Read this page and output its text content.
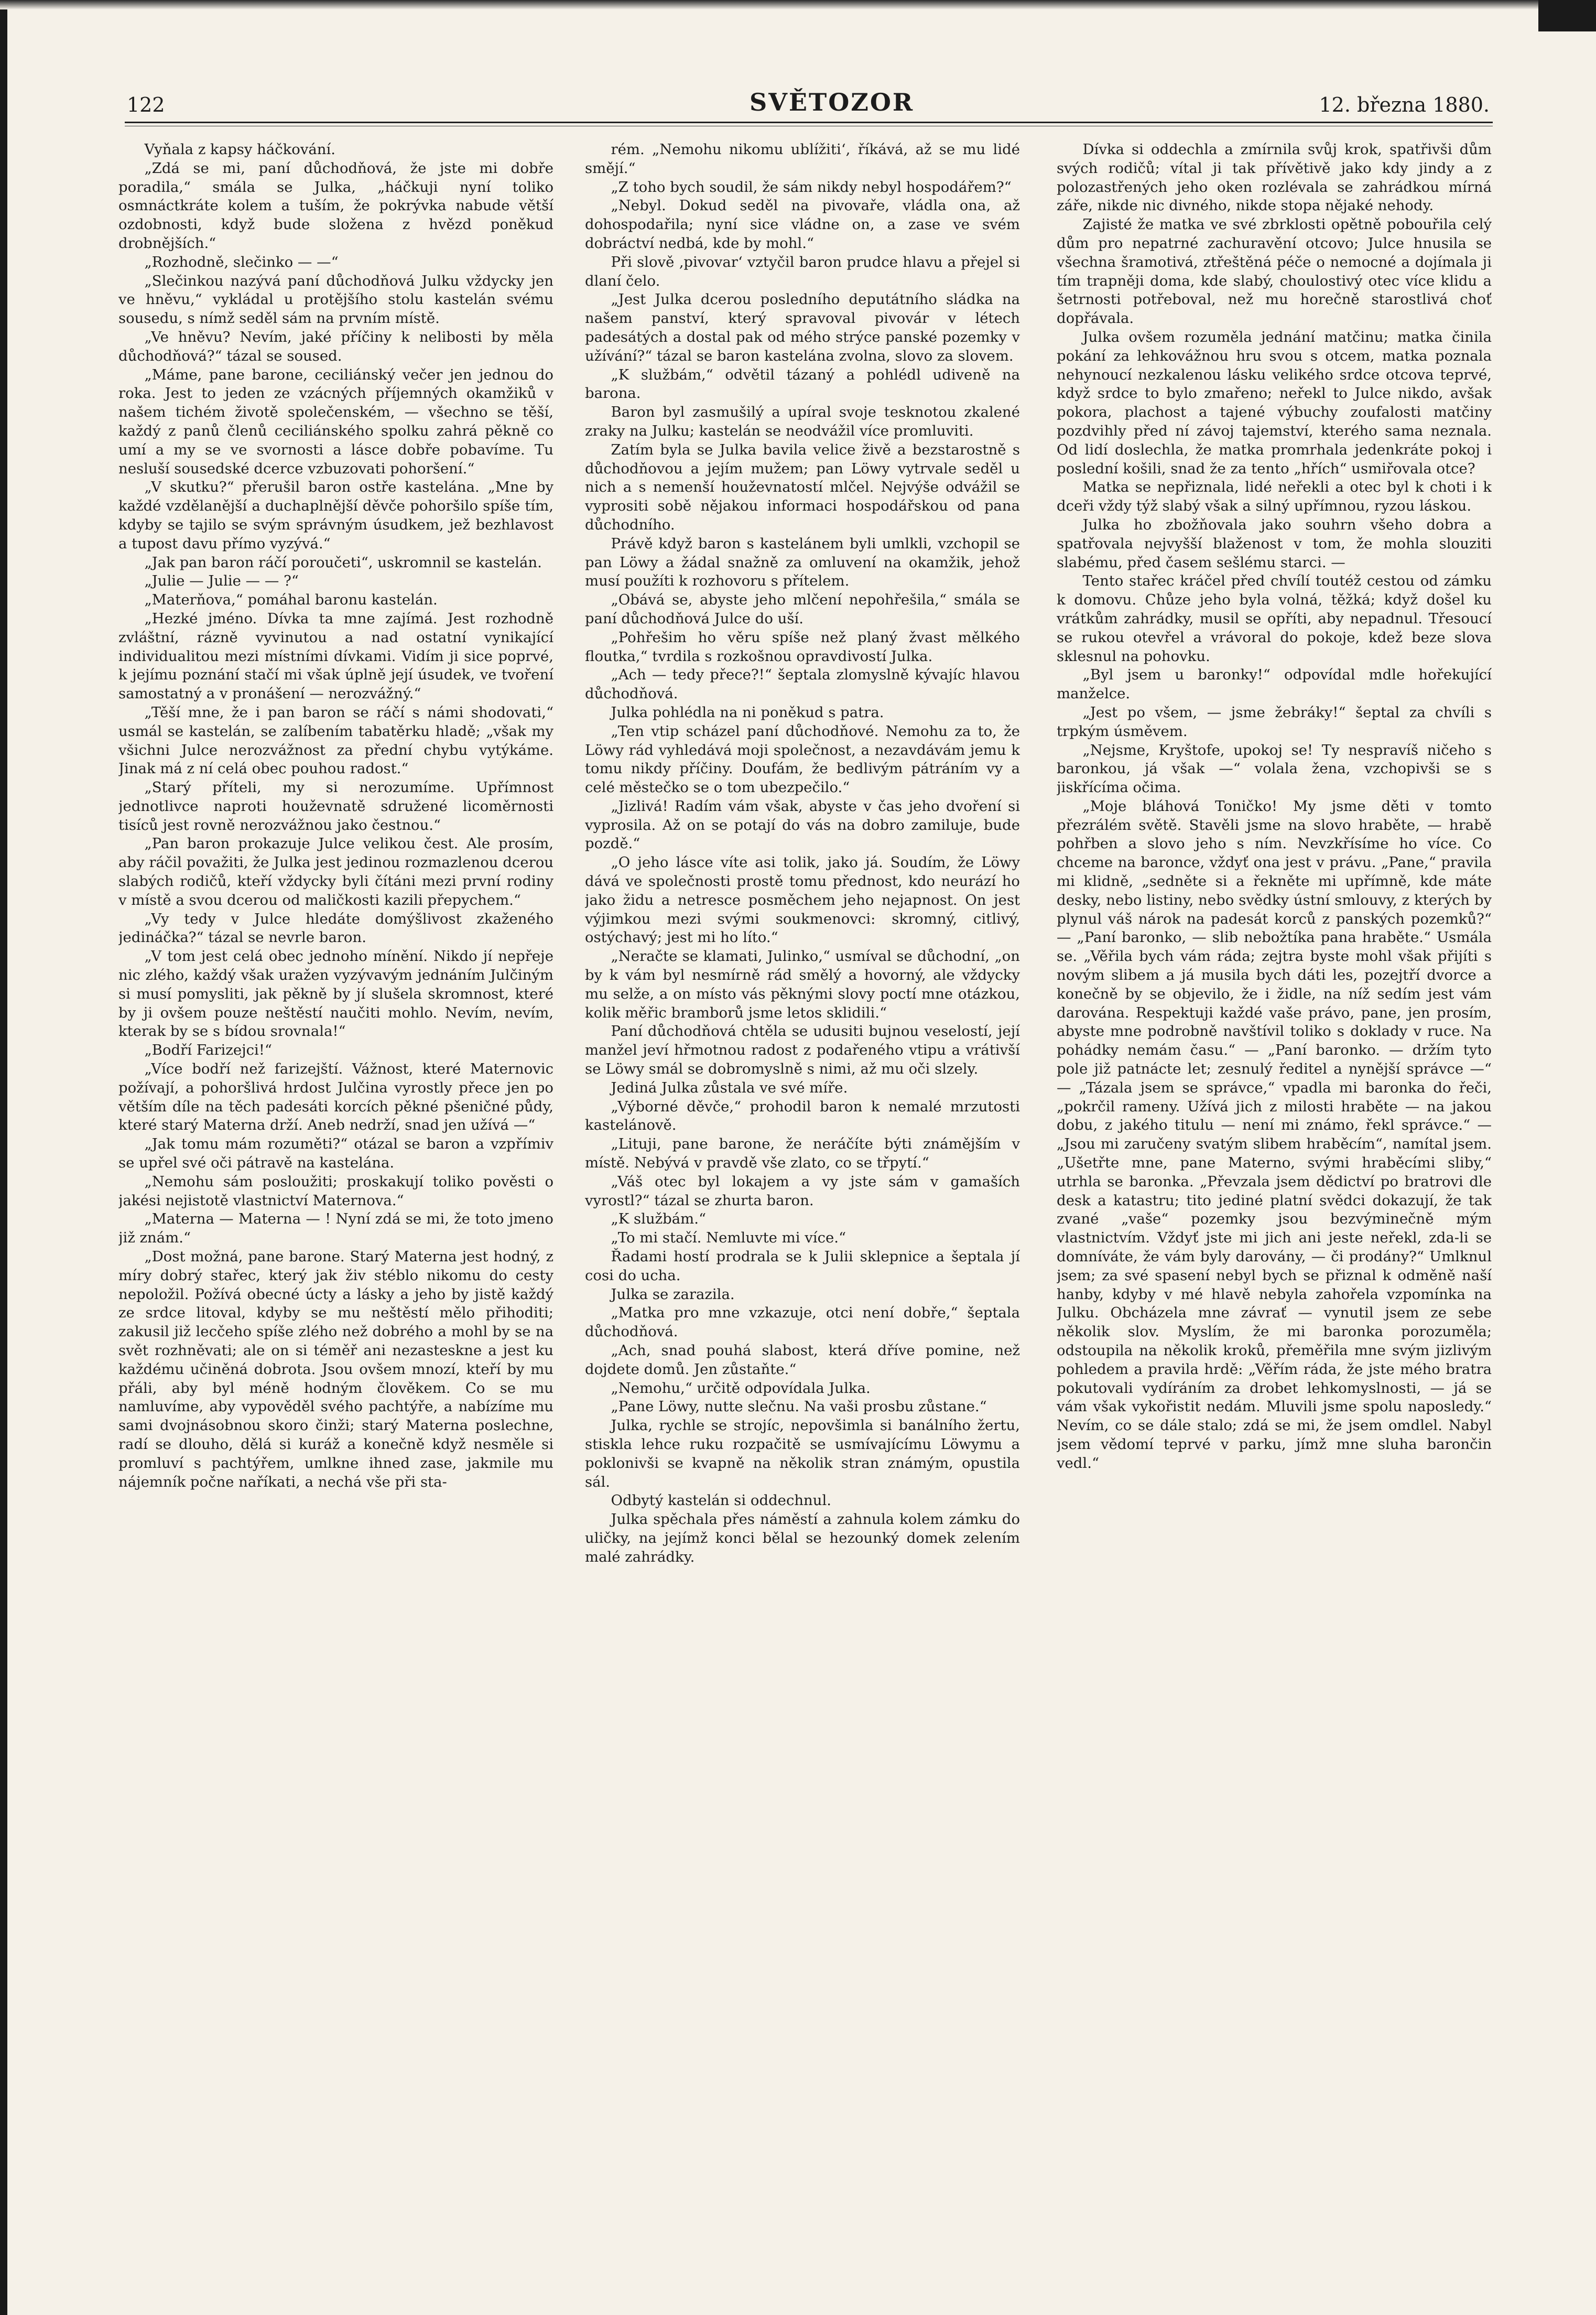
122	SVĚTOZOR	12. března 1880.

Vyňala z kapsy háčkování.

„Zdá se mi, paní důchodňová, že jste mi dobře poradila,“ smála se Julka, „háčkuji nyní toliko osmnáctkráte kolem a tuším, že pokrývka nabude větší ozdobnosti, když bude složena z hvězd poněkud drobnějších.“

„Rozhodně, slečinko — —“

„Slečinkou nazývá paní důchodňová Julku vždycky jen ve hněvu,“ vykládal u protějšího stolu kastelán svému sousedu, s nímž seděl sám na prvním místě.

„Ve hněvu? Nevím, jaké příčiny k nelibosti by měla důchodňová?“ tázal se soused.

„Máme, pane barone, ceciliánský večer jen jednou do roka. Jest to jeden ze vzácných příjemných okamžiků v našem tichém životě společenském, — všechno se těší, každý z panů členů ceciliánského spolku zahrá pěkně co umí a my se ve svornosti a lásce dobře pobavíme. Tu nesluší sousedské dcerce vzbuzovati pohoršení.“

„V skutku?“ přerušil baron ostře kastelána. „Mne by každé vzdělanější a duchaplnější děvče pohoršilo spíše tím, kdyby se tajilo se svým správným úsudkem, jež bezhlavost a tupost davu přímo vyzývá.“

„Jak pan baron ráčí poroučeti“, uskromnil se kastelán.

„Julie — Julie — — ?“

„Materňova,“ pomáhal baronu kastelán.

„Hezké jméno. Dívka ta mne zajímá. Jest rozhodně zvláštní, rázně vyvinutou a nad ostatní vynikající individualitou mezi místními dívkami. Vidím ji sice poprvé, k jejímu poznání stačí mi však úplně její úsudek, ve tvoření samostatný a v pronášení — nerozvážný.“

„Těší mne, že i pan baron se ráčí s námi shodovati,“ usmál se kastelán, se zalíbením tabatěrku hladě; „však my všichni Julce nerozvážnost za přední chybu vytýkáme. Jinak má z ní celá obec pouhou radost.“

„Starý příteli, my si nerozumíme. Upřímnost jednotlivce naproti houževnatě sdružené licoměrnosti tisíců jest rovně nerozvážnou jako čestnou.“

„Pan baron prokazuje Julce velikou čest. Ale prosím, aby ráčil považiti, že Julka jest jedinou rozmazlenou dcerou slabých rodičů, kteří vždycky byli čítáni mezi první rodiny v místě a svou dcerou od maličkosti kazili přepychem.“

„Vy tedy v Julce hledáte domýšlivost zkaženého jedináčka?“ tázal se nevrle baron.

„V tom jest celá obec jednoho mínění. Nikdo jí nepřeje nic zlého, každý však uražen vyzývavým jednáním Julčiným si musí pomysliti, jak pěkně by jí slušela skromnost, které by ji ovšem pouze neštěstí naučiti mohlo. Nevím, nevím, kterak by se s bídou srovnala!“

„Bodří Farizejci!“

„Více bodří než farizejští. Vážnost, které Maternovic požívají, a pohoršlivá hrdost Julčina vyrostly přece jen po větším díle na těch padesáti korcích pěkné pšeničné půdy, které starý Materna drží. Aneb nedrží, snad jen užívá —“

„Jak tomu mám rozuměti?“ otázal se baron a vzpřímiv se upřel své oči pátravě na kastelána.

„Nemohu sám posloužiti; proskakují toliko pověsti o jakési nejistotě vlastnictví Maternova.“

„Materna — Materna — ! Nyní zdá se mi, že toto jmeno již znám.“

„Dost možná, pane barone. Starý Materna jest hodný, z míry dobrý stařec, který jak živ stéblo nikomu do cesty nepoložil. Požívá obecné úcty a lásky a jeho by jistě každý ze srdce litoval, kdyby se mu neštěstí mělo přihoditi; zakusil již lecčeho spíše zlého než dobrého a mohl by se na svět rozhněvati; ale on si téměř ani nezasteskne a jest ku každému učiněná dobrota. Jsou ovšem mnozí, kteří by mu přáli, aby byl méně hodným člověkem. Co se mu namluvíme, aby vypověděl svého pachtýře, a nabízíme mu sami dvojnásobnou skoro činži; starý Materna poslechne, radí se dlouho, dělá si kuráž a konečně když nesměle si promluví s pachtýřem, umlkne ihned zase, jakmile mu nájemník počne naříkati, a nechá vše při sta-

rém. „Nemohu nikomu ublížiti‘, říkává, až se mu lidé smějí.“

„Z toho bych soudil, že sám nikdy nebyl hospodářem?“

„Nebyl. Dokud seděl na pivovaře, vládla ona, až dohospodařila; nyní sice vládne on, a zase ve svém dobráctví nedbá, kde by mohl.“

Při slově ‚pivovar‘ vztyčil baron prudce hlavu a přejel si dlaní čelo.

„Jest Julka dcerou posledního deputátního sládka na našem panství, který spravoval pivovár v létech padesátých a dostal pak od mého strýce panské pozemky v užívání?“ tázal se baron kastelána zvolna, slovo za slovem.

„K službám,“ odvětil tázaný a pohlédl udiveně na barona.

Baron byl zasmušilý a upíral svoje tesknotou zkalené zraky na Julku; kastelán se neodvážil více promluviti.

Zatím byla se Julka bavila velice živě a bezstarostně s důchodňovou a jejím mužem; pan Löwy vytrvale seděl u nich a s nemenší houževnatostí mlčel. Nejvýše odvážil se vyprositi sobě nějakou informaci hospodářskou od pana důchodního.

Právě když baron s kastelánem byli umlkli, vzchopil se pan Löwy a žádal snažně za omluvení na okamžik, jehož musí použíti k rozhovoru s přítelem.

„Obává se, abyste jeho mlčení nepohřešila,“ smála se paní důchodňová Julce do uší.

„Pohřešim ho věru spíše než planý žvast mělkého floutka,“ tvrdila s rozkošnou opravdivostí Julka.

„Ach — tedy přece?!“ šeptala zlomyslně kývajíc hlavou důchodňová.

Julka pohlédla na ni poněkud s patra.

„Ten vtip scházel paní důchodňové. Nemohu za to, že Löwy rád vyhledává moji společnost, a nezavdávám jemu k tomu nikdy příčiny. Doufám, že bedlivým pátráním vy a celé městečko se o tom ubezpečilo.“

„Jizlivá! Radím vám však, abyste v čas jeho dvoření si vyprosila. Až on se potají do vás na dobro zamiluje, bude pozdě.“

„O jeho lásce víte asi tolik, jako já. Soudím, že Löwy dává ve společnosti prostě tomu přednost, kdo neurází ho jako židu a netresce posměchem jeho nejapnost. On jest výjimkou mezi svými soukmenovci: skromný, citlivý, ostýchavý; jest mi ho líto.“

„Neračte se klamati, Julinko,“ usmíval se důchodní, „on by k vám byl nesmírně rád smělý a hovorný, ale vždycky mu selže, a on místo vás pěknými slovy poctí mne otázkou, kolik měřic bramborů jsme letos sklidili.“

Paní důchodňová chtěla se udusiti bujnou veselostí, její manžel jeví hřmotnou radost z podařeného vtipu a vrátivší se Löwy smál se dobromyslně s nimi, až mu oči slzely.

Jediná Julka zůstala ve své míře.

„Výborné děvče,“ prohodil baron k nemalé mrzutosti kastelánově.

„Lituji, pane barone, že neráčíte býti známějším v místě. Nebývá v pravdě vše zlato, co se třpytí.“

„Váš otec byl lokajem a vy jste sám v gamaších vyrostl?“ tázal se zhurta baron.

„K službám.“

„To mi stačí. Nemluvte mi více.“

Řadami hostí prodrala se k Julii sklepnice a šeptala jí cosi do ucha.

Julka se zarazila.

„Matka pro mne vzkazuje, otci není dobře,“ šeptala důchodňová.

„Ach, snad pouhá slabost, která dříve pomine, než dojdete domů. Jen zůstaňte.“

„Nemohu,“ určitě odpovídala Julka.

„Pane Löwy, nutte slečnu. Na vaši prosbu zůstane.“

Julka, rychle se strojíc, nepovšimla si banálního žertu, stiskla lehce ruku rozpačitě se usmívajícímu Löwymu a poklonivši se kvapně na několik stran známým, opustila sál.

Odbytý kastelán si oddechnul.

Julka spěchala přes náměstí a zahnula kolem zámku do uličky, na jejímž konci bělal se hezounký domek zelením malé zahrádky.

Dívka si oddechla a zmírnila svůj krok, spatřivši dům svých rodičů; vítal ji tak přívětivě jako kdy jindy a z polozastřených jeho oken rozlévala se zahrádkou mírná záře, nikde nic divného, nikde stopa nějaké nehody.

Zajisté že matka ve své zbrklosti opětně pobouřila celý dům pro nepatrné zachuravění otcovo; Julce hnusila se všechna šramotivá, ztřeštěná péče o nemocné a dojímala ji tím trapněji doma, kde slabý, choulostivý otec více klidu a šetrnosti potřeboval, než mu horečně starostlivá choť dopřávala.

Julka ovšem rozuměla jednání matčinu; matka činila pokání za lehkovážnou hru svou s otcem, matka poznala nehynoucí nezkalenou lásku velikého srdce otcova teprvé, když srdce to bylo zmařeno; neřekl to Julce nikdo, avšak pokora, plachost a tajené výbuchy zoufalosti matčiny pozdvihly před ní závoj tajemství, kterého sama neznala. Od lidí doslechla, že matka promrhala jedenkráte pokoj i poslední košili, snad že za tento „hřích“ usmiřovala otce?

Matka se nepřiznala, lidé neřekli a otec byl k choti i k dceři vždy týž slabý však a silný upřímnou, ryzou láskou.

Julka ho zbožňovala jako souhrn všeho dobra a spatřovala nejvyšší blaženost v tom, že mohla slouziti slabému, před časem sešlému starci. —

Tento stařec kráčel před chvílí toutéž cestou od zámku k domovu. Chůze jeho byla volná, těžká; když došel ku vrátkům zahrádky, musil se opříti, aby nepadnul. Třesoucí se rukou otevřel a vrávoral do pokoje, kdež beze slova sklesnul na pohovku.

„Byl jsem u baronky!“ odpovídal mdle hořekující manželce.

„Jest po všem, — jsme žebráky!“ šeptal za chvíli s trpkým úsměvem.

„Nejsme, Kryštofe, upokoj se! Ty nespravíš ničeho s baronkou, já však —“ volala žena, vzchopivši se s jiskřícíma očima.

„Moje bláhová Toničko! My jsme děti v tomto přezrálém světě. Stavěli jsme na slovo hraběte, — hrabě pohřben a slovo jeho s ním. Nevzkřísíme ho více. Co chceme na baronce, vždyť ona jest v právu. „Pane,“ pravila mi klidně, „sedněte si a řekněte mi upřímně, kde máte desky, nebo listiny, nebo svědky ústní smlouvy, z kterých by plynul váš nárok na padesát korců z panských pozemků?“ — „Paní baronko, — slib nebožtíka pana hraběte.“ Usmála se. „Věřila bych vám ráda; zejtra byste mohl však přijíti s novým slibem a já musila bych dáti les, pozejtří dvorce a konečně by se objevilo, že i židle, na níž sedím jest vám darována. Respektuji každé vaše právo, pane, jen prosím, abyste mne podrobně navštívil toliko s doklady v ruce. Na pohádky nemám času.“ — „Paní baronko. — držím tyto pole již patnácte let; zesnulý ředitel a nynější správce —“ — „Tázala jsem se správce,“ vpadla mi baronka do řeči, „pokrčil rameny. Užívá jich z milosti hraběte — na jakou dobu, z jakého titulu — není mi známo, řekl správce.“ — „Jsou mi zaručeny svatým slibem hraběcím“, namítal jsem. „Ušetřte mne, pane Materno, svými hraběcími sliby,“ utrhla se baronka. „Převzala jsem dědictví po bratrovi dle desk a katastru; tito jediné platní svědci dokazují, že tak zvané „vaše“ pozemky jsou bezvýminečně mým vlastnictvím. Vždyť jste mi jich ani jeste neřekl, zda-li se domníváte, že vám byly darovány, — či prodány?“ Umlknul jsem; za své spasení nebyl bych se přiznal k odměně naší hanby, kdyby v mé hlavě nebyla zahořela vzpomínka na Julku. Obcházela mne závrať — vynutil jsem ze sebe několik slov. Myslím, že mi baronka porozuměla; odstoupila na několik kroků, přeměřila mne svým jizlivým pohledem a pravila hrdě: „Věřím ráda, že jste mého bratra pokutovali vydíráním za drobet lehkomyslnosti, — já se vám však vykořistit nedám. Mluvili jsme spolu naposledy.“ Nevím, co se dále stalo; zdá se mi, že jsem omdlel. Nabyl jsem vědomí teprvé v parku, jímž mne sluha barončin vedl.“
